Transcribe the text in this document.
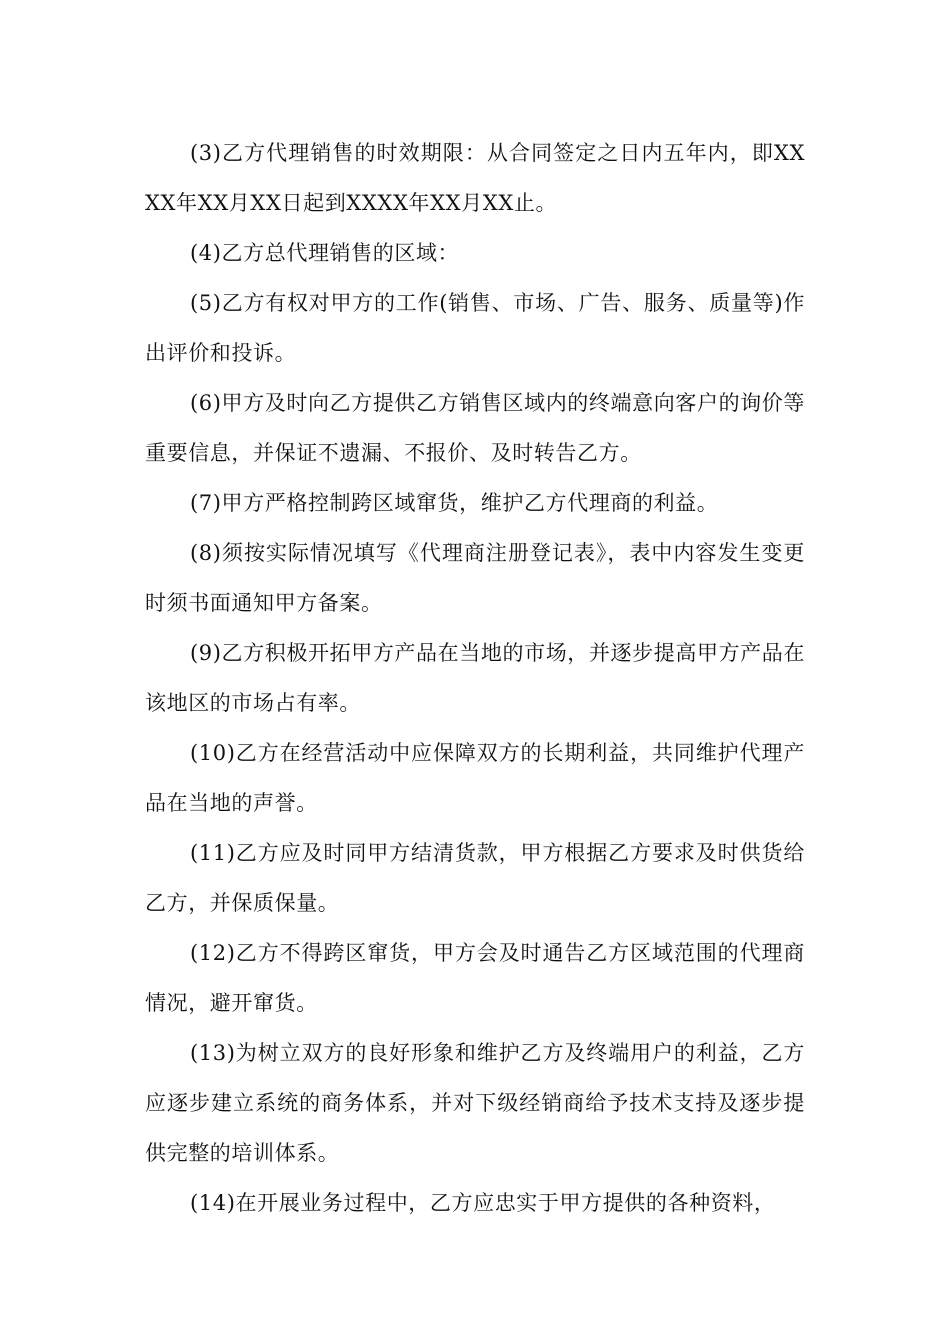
(3)乙方代理销售的时效期限：从合同签定之日内五年内，即XXXX年XX月XX日起到XXXX年XX月XX止。

(4)乙方总代理销售的区域：

(5)乙方有权对甲方的工作(销售、市场、广告、服务、质量等)作出评价和投诉。

(6)甲方及时向乙方提供乙方销售区域内的终端意向客户的询价等重要信息，并保证不遗漏、不报价、及时转告乙方。

(7)甲方严格控制跨区域窜货，维护乙方代理商的利益。

(8)须按实际情况填写《代理商注册登记表》，表中内容发生变更时须书面通知甲方备案。

(9)乙方积极开拓甲方产品在当地的市场，并逐步提高甲方产品在该地区的市场占有率。

(10)乙方在经营活动中应保障双方的长期利益，共同维护代理产品在当地的声誉。

(11)乙方应及时同甲方结清货款，甲方根据乙方要求及时供货给乙方，并保质保量。

(12)乙方不得跨区窜货，甲方会及时通告乙方区域范围的代理商情况，避开窜货。

(13)为树立双方的良好形象和维护乙方及终端用户的利益，乙方应逐步建立系统的商务体系，并对下级经销商给予技术支持及逐步提供完整的培训体系。

(14)在开展业务过程中，乙方应忠实于甲方提供的各种资料，
